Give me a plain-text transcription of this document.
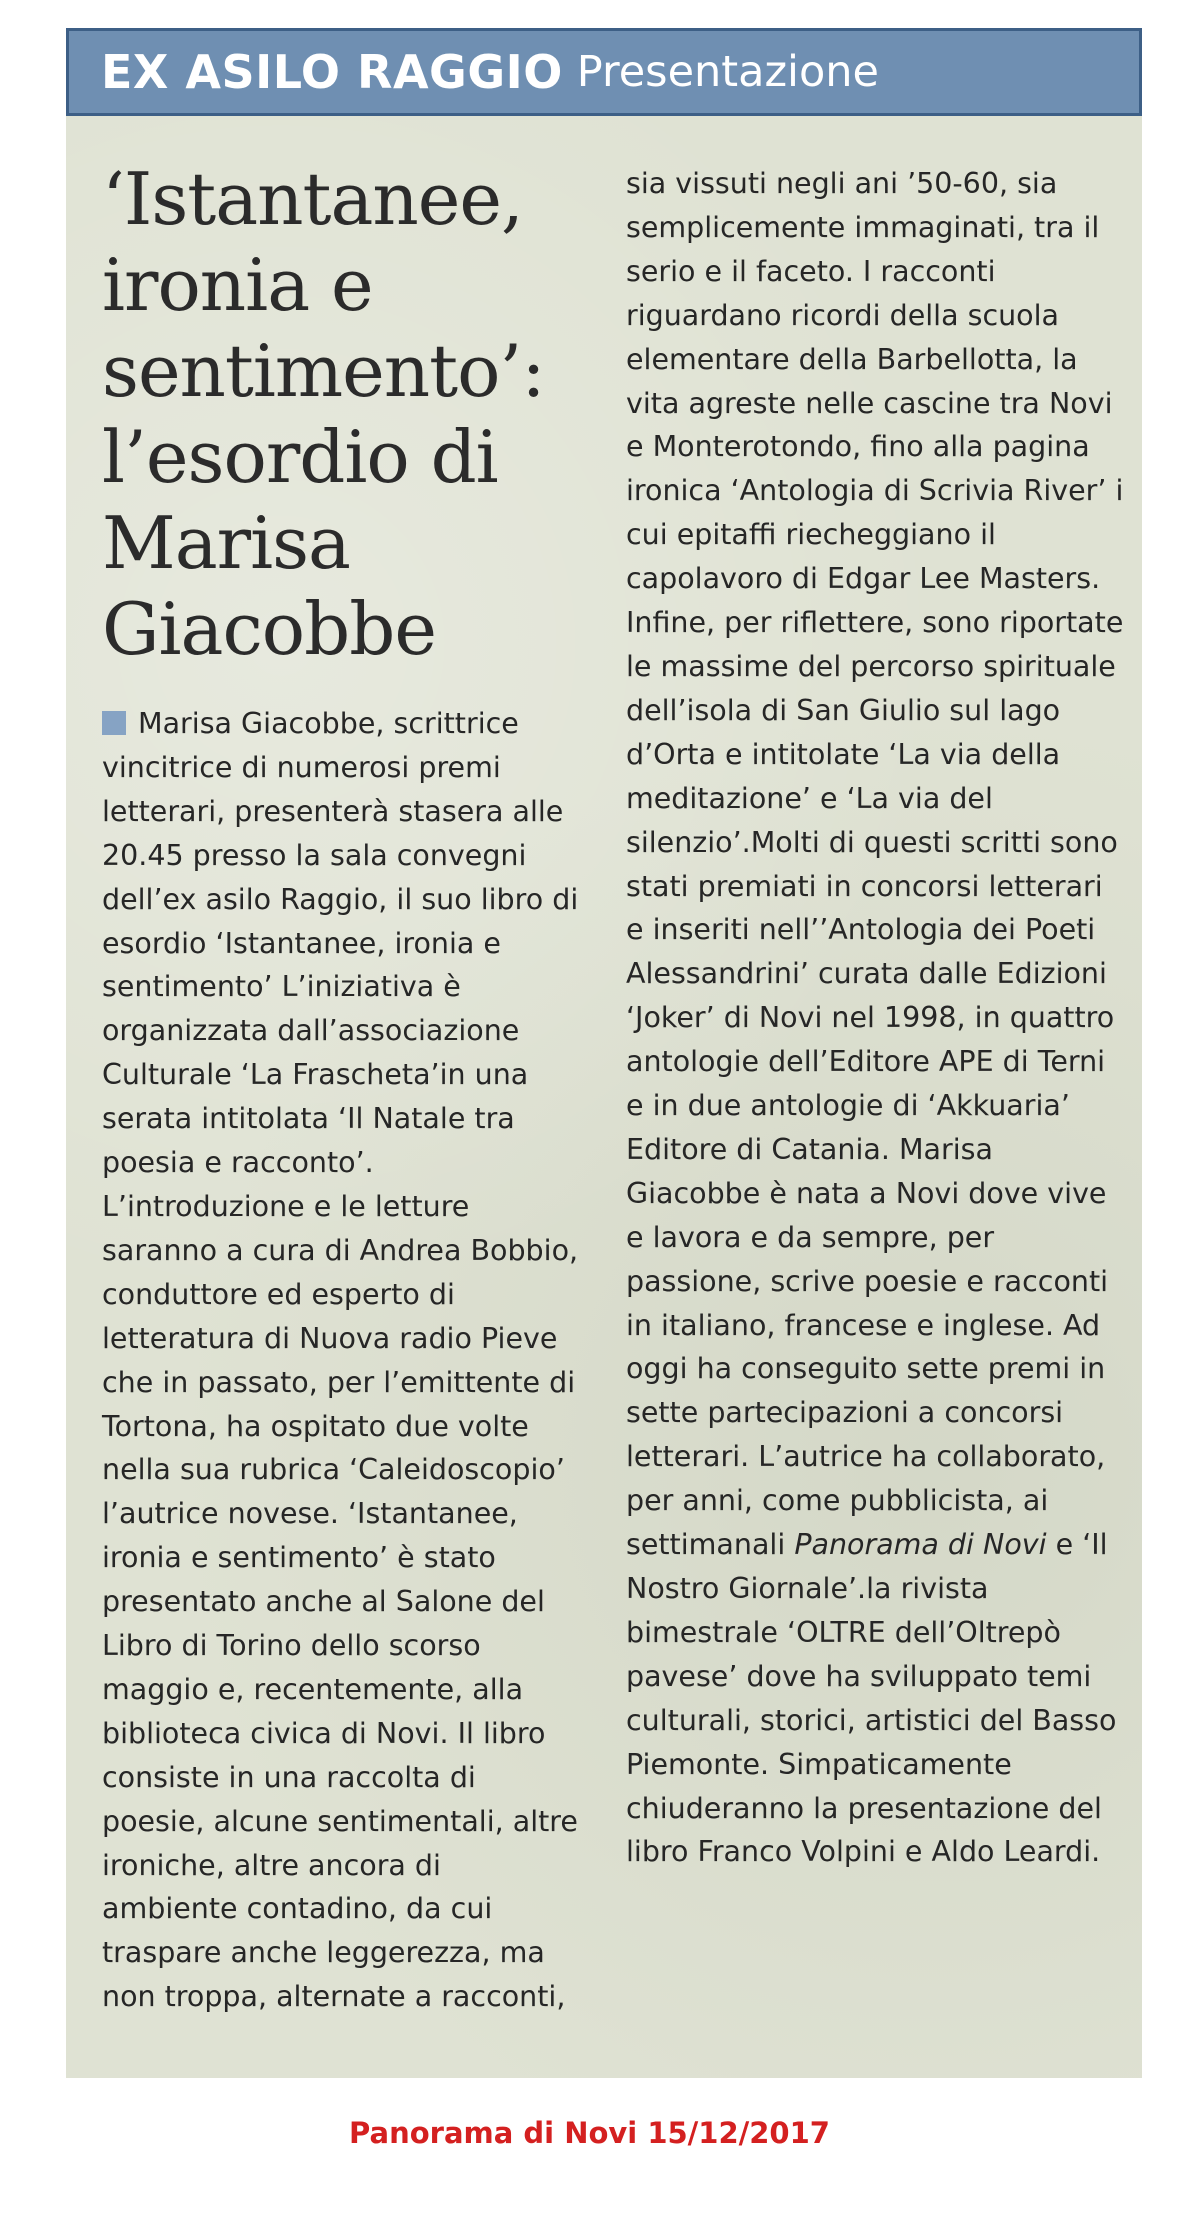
EX ASILO RAGGIO Presentazione
‘Istantanee, ironia e sentimento’: l’esordio di Marisa Giacobbe

Marisa Giacobbe, scrittrice vincitrice di numerosi premi letterari, presenterà stasera alle 20.45 presso la sala convegni dell’ex asilo Raggio, il suo libro di esordio ‘Istantanee, ironia e sentimento’ L’iniziativa è organizzata dall’associazione Culturale ‘La Frascheta’in una serata intitolata ‘Il Natale tra poesia e racconto’. L’introduzione e le letture saranno a cura di Andrea Bobbio, conduttore ed esperto di letteratura di Nuova radio Pieve che in passato, per l’emittente di Tortona, ha ospitato due volte nella sua rubrica ‘Caleidoscopio’ l’autrice novese. ‘Istantanee, ironia e sentimento’ è stato presentato anche al Salone del Libro di Torino dello scorso maggio e, recentemente, alla biblioteca civica di Novi. Il libro consiste in una raccolta di poesie, alcune sentimentali, altre ironiche, altre ancora di ambiente contadino, da cui traspare anche leggerezza, ma non troppa, alternate a racconti,

sia vissuti negli ani ’50-60, sia semplicemente immaginati, tra il serio e il faceto. I racconti riguardano ricordi della scuola elementare della Barbellotta, la vita agreste nelle cascine tra Novi e Monterotondo, fino alla pagina ironica ‘Antologia di Scrivia River’ i cui epitaffi riecheggiano il capolavoro di Edgar Lee Masters. Infine, per riflettere, sono riportate le massime del percorso spirituale dell’isola di San Giulio sul lago d’Orta e intitolate ‘La via della meditazione’ e ‘La via del silenzio’.Molti di questi scritti sono stati premiati in concorsi letterari e inseriti nell’’Antologia dei Poeti Alessandrini’ curata dalle Edizioni ‘Joker’ di Novi nel 1998, in quattro antologie dell’Editore APE di Terni e in due antologie di ‘Akkuaria’ Editore di Catania. Marisa Giacobbe è nata a Novi dove vive e lavora e da sempre, per passione, scrive poesie e racconti in italiano, francese e inglese. Ad oggi ha conseguito sette premi in sette partecipazioni a concorsi letterari. L’autrice ha collaborato, per anni, come pubblicista, ai settimanali Panorama di Novi e ‘Il Nostro Giornale’.la rivista bimestrale ‘OLTRE dell’Oltrepò pavese’ dove ha sviluppato temi culturali, storici, artistici del Basso Piemonte. Simpaticamente chiuderanno la presentazione del libro Franco Volpini e Aldo Leardi.

Panorama di Novi 15/12/2017
